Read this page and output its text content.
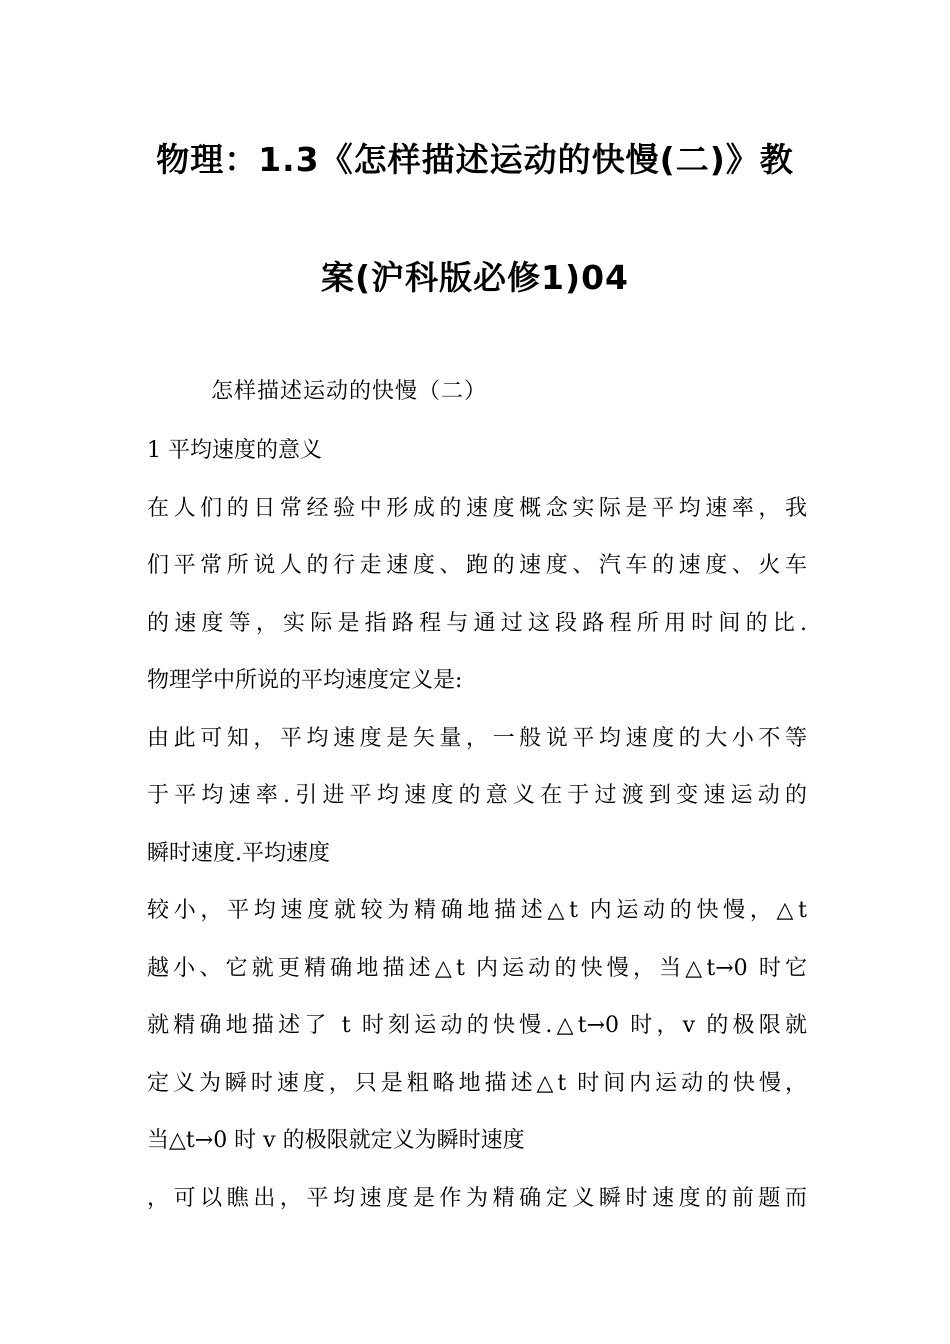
物理：1.3《怎样描述运动的快慢(二)》教
案(沪科版必修1)04
怎样描述运动的快慢（二）
1 平均速度的意义
在人们的日常经验中形成的速度概念实际是平均速率，我
们平常所说人的行走速度、跑的速度、汽车的速度、火车
的速度等，实际是指路程与通过这段路程所用时间的比.
物理学中所说的平均速度定义是:
由此可知，平均速度是矢量，一般说平均速度的大小不等
于平均速率.引进平均速度的意义在于过渡到变速运动的
瞬时速度.平均速度
较小，平均速度就较为精确地描述△t 内运动的快慢，△t
越小、它就更精确地描述△t 内运动的快慢，当△t→0 时它
就精确地描述了 t 时刻运动的快慢.△t→0 时，v 的极限就
定义为瞬时速度，只是粗略地描述△t 时间内运动的快慢，
当△t→0 时 v 的极限就定义为瞬时速度
，可以瞧出，平均速度是作为精确定义瞬时速度的前题而
